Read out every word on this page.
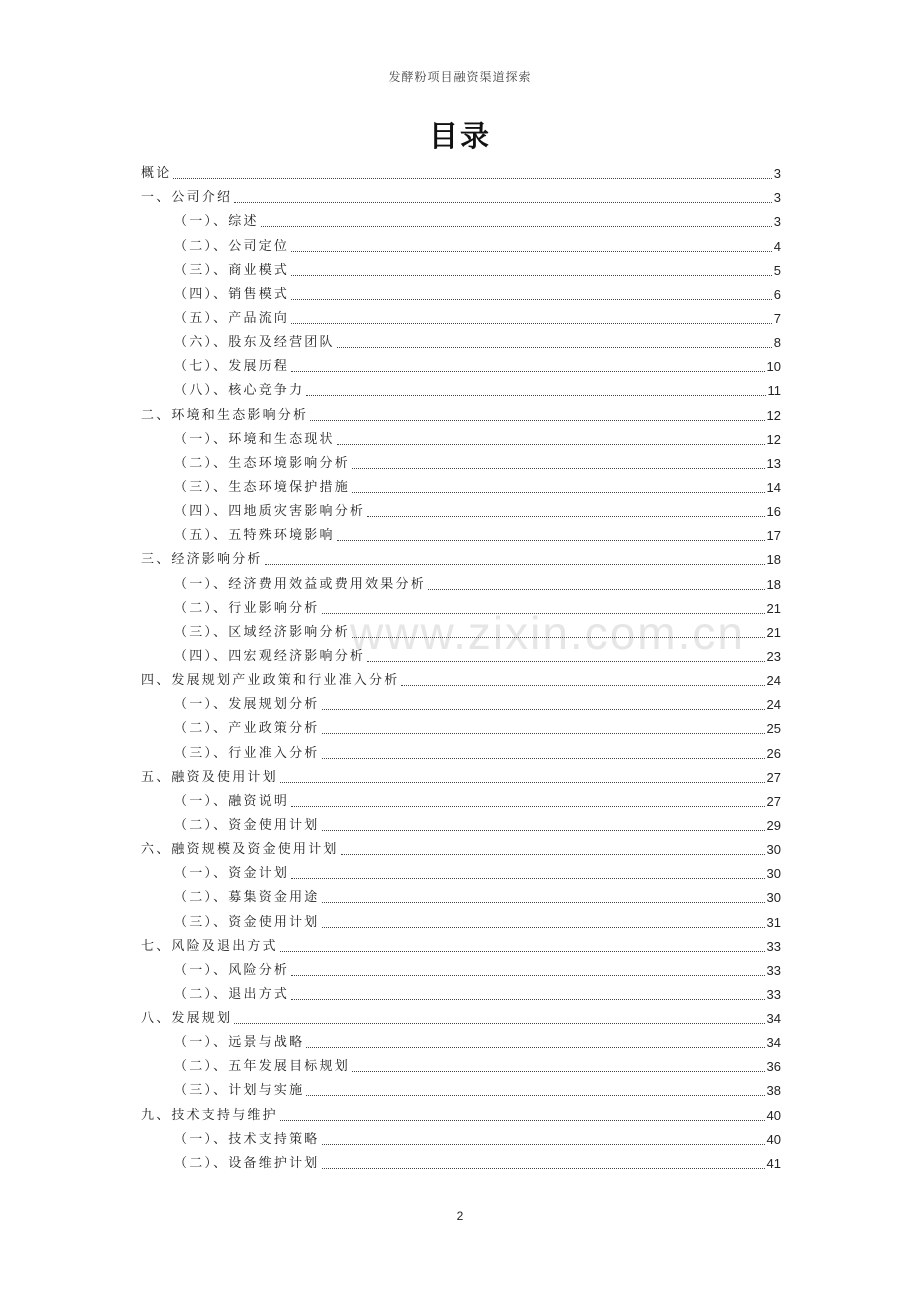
发酵粉项目融资渠道探索
目录
www.zixin.com.cn
概论	3
一、公司介绍	3
（一）、综述	3
（二）、公司定位	4
（三）、商业模式	5
（四）、销售模式	6
（五）、产品流向	7
（六）、股东及经营团队	8
（七）、发展历程	10
（八）、核心竞争力	11
二、环境和生态影响分析	12
（一）、环境和生态现状	12
（二）、生态环境影响分析	13
（三）、生态环境保护措施	14
（四）、四地质灾害影响分析	16
（五）、五特殊环境影响	17
三、经济影响分析	18
（一）、经济费用效益或费用效果分析	18
（二）、行业影响分析	21
（三）、区域经济影响分析	21
（四）、四宏观经济影响分析	23
四、发展规划产业政策和行业准入分析	24
（一）、发展规划分析	24
（二）、产业政策分析	25
（三）、行业准入分析	26
五、融资及使用计划	27
（一）、融资说明	27
（二）、资金使用计划	29
六、融资规模及资金使用计划	30
（一）、资金计划	30
（二）、募集资金用途	30
（三）、资金使用计划	31
七、风险及退出方式	33
（一）、风险分析	33
（二）、退出方式	33
八、发展规划	34
（一）、远景与战略	34
（二）、五年发展目标规划	36
（三）、计划与实施	38
九、技术支持与维护	40
（一）、技术支持策略	40
（二）、设备维护计划	41
2
